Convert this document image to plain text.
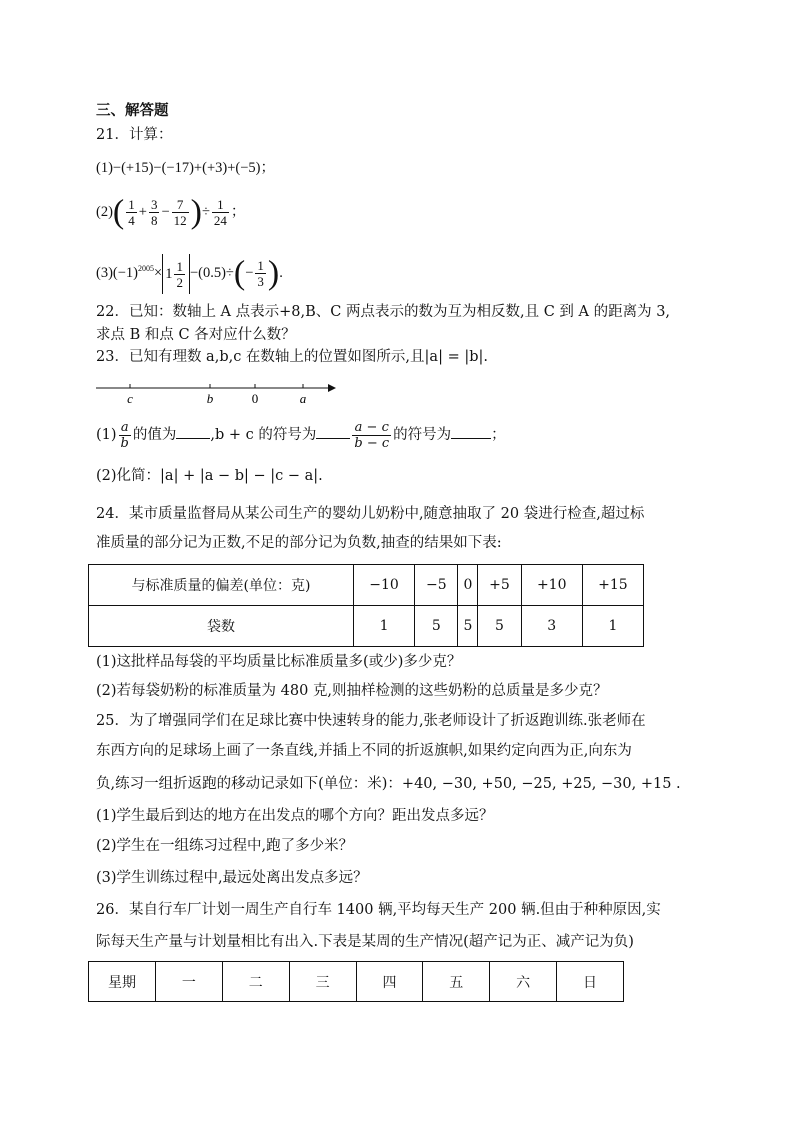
三、解答题
21．计算：
(1)−(+15)−(−17)+(+3)+(−5)；
$(2)( \frac{1}{4} + \frac{3}{8} - \frac{7}{12}$ )÷ $\frac{1}{24}$ ；
$(3)(-1)^{2005}\times 1 \frac{1}{2} -(0.5)\div(- \frac{1}{3}$ ).
22．已知：数轴上 A 点表示+8,B、C 两点表示的数为互为相反数,且 C 到 A 的距离为 3,
求点 B 和点 C 各对应什么数？
23．已知有理数 a,b,c 在数轴上的位置如图所示,且|a| = |b|.
c	b	0	a
$(1) \frac{a}{b}$ 的值为 ,b + c 的符号为	$\frac{a - c}{b - c}$ 的符号为	；
(2)化简：|a| + |a − b| − |c − a|.
24．某市质量监督局从某公司生产的婴幼儿奶粉中,随意抽取了 20 袋进行检查,超过标
准质量的部分记为正数,不足的部分记为负数,抽查的结果如下表:
与标准质量的偏差(单位：克)	−10	−5	0	+5	+10	+15
袋数	1	5	5	5	3	1
(1)这批样品每袋的平均质量比标准质量多(或少)多少克？
(2)若每袋奶粉的标准质量为 480 克,则抽样检测的这些奶粉的总质量是多少克？
25．为了增强同学们在足球比赛中快速转身的能力,张老师设计了折返跑训练.张老师在
东西方向的足球场上画了一条直线,并插上不同的折返旗帜,如果约定向西为正,向东为
负,练习一组折返跑的移动记录如下(单位：米)：+40, −30, +50, −25, +25, −30, +15 .
(1)学生最后到达的地方在出发点的哪个方向？距出发点多远？
(2)学生在一组练习过程中,跑了多少米？
(3)学生训练过程中,最远处离出发点多远？
26．某自行车厂计划一周生产自行车 1400 辆,平均每天生产 200 辆.但由于种种原因,实
际每天生产量与计划量相比有出入.下表是某周的生产情况(超产记为正、减产记为负)
星期	一	二	三	四	五	六	日
